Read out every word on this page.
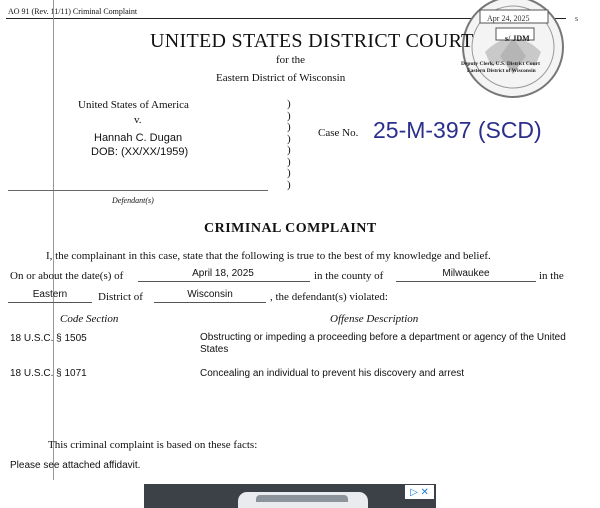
AO 91 (Rev. 11/11) Criminal Complaint
Apr 24, 2025
s/ JDM
Deputy Clerk, U.S. District Court
Eastern District of Wisconsin
s
UNITED STATES DISTRICT COURT
for the
Eastern District of Wisconsin
United States of America
v.
Hannah C. Dugan
DOB: (XX/XX/1959)
)
)
)
)
)
)
)
)
Case No. 25-M-397 (SCD)
Defendant(s)
CRIMINAL COMPLAINT
I, the complainant in this case, state that the following is true to the best of my knowledge and belief.
On or about the date(s) of	April 18, 2025	in the county of	Milwaukee	in the
Eastern	District of	Wisconsin	, the defendant(s) violated:
Code Section	Offense Description
18 U.S.C. § 1505	Obstructing or impeding a proceeding before a department or agency of the United States
18 U.S.C. § 1071	Concealing an individual to prevent his discovery and arrest
This criminal complaint is based on these facts:
Please see attached affidavit.
▷ ✕
